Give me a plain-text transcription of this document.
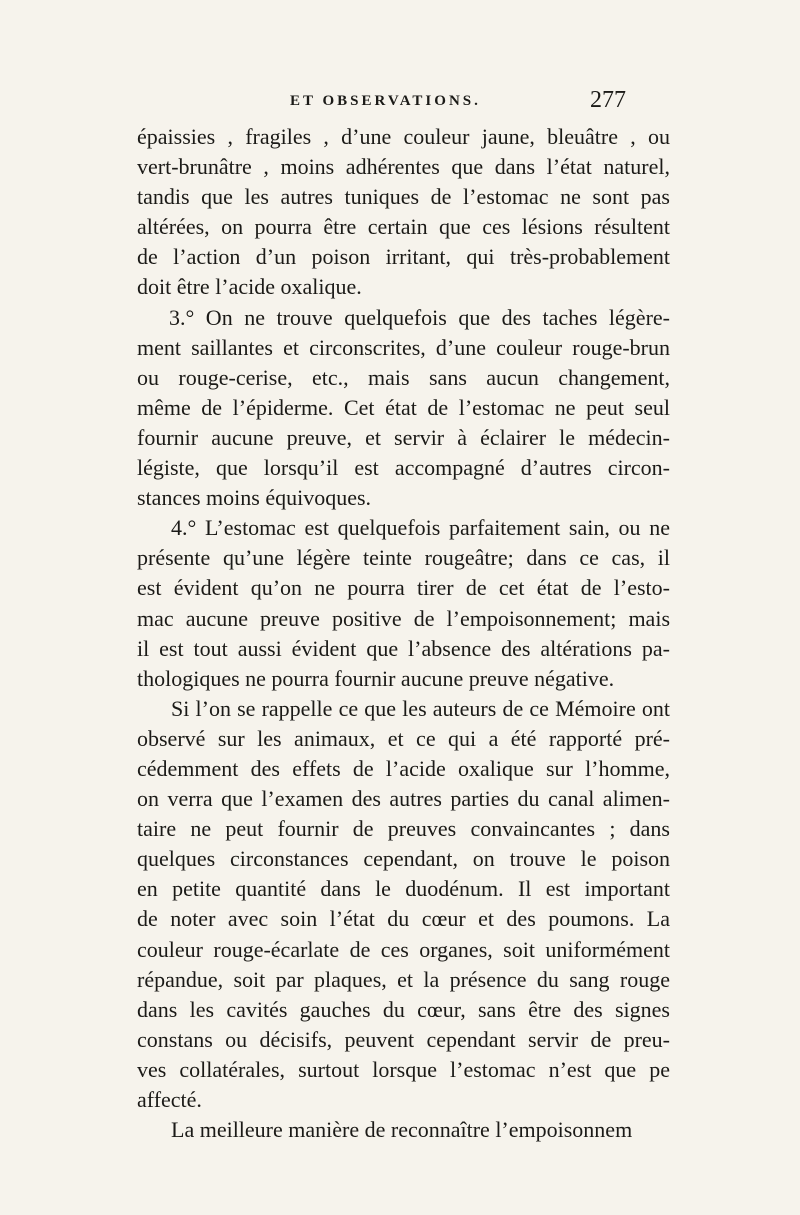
ET OBSERVATIONS.	277
épaissies , fragiles , d’une couleur jaune, bleuâtre , ou
vert-brunâtre , moins adhérentes que dans l’état naturel,
tandis que les autres tuniques de l’estomac ne sont pas
altérées, on pourra être certain que ces lésions résultent
de l’action d’un poison irritant, qui très-probablement
doit être l’acide oxalique.
3.° On ne trouve quelquefois que des taches légère-
ment saillantes et circonscrites, d’une couleur rouge-brun
ou rouge-cerise, etc., mais sans aucun changement,
même de l’épiderme. Cet état de l’estomac ne peut seul
fournir aucune preuve, et servir à éclairer le médecin-
légiste, que lorsqu’il est accompagné d’autres circon-
stances moins équivoques.
4.° L’estomac est quelquefois parfaitement sain, ou ne
présente qu’une légère teinte rougeâtre; dans ce cas, il
est évident qu’on ne pourra tirer de cet état de l’esto-
mac aucune preuve positive de l’empoisonnement; mais
il est tout aussi évident que l’absence des altérations pa-
thologiques ne pourra fournir aucune preuve négative.
Si l’on se rappelle ce que les auteurs de ce Mémoire ont
observé sur les animaux, et ce qui a été rapporté pré-
cédemment des effets de l’acide oxalique sur l’homme,
on verra que l’examen des autres parties du canal alimen-
taire ne peut fournir de preuves convaincantes ; dans
quelques circonstances cependant, on trouve le poison
en petite quantité dans le duodénum. Il est important
de noter avec soin l’état du cœur et des poumons. La
couleur rouge-écarlate de ces organes, soit uniformément
répandue, soit par plaques, et la présence du sang rouge
dans les cavités gauches du cœur, sans être des signes
constans ou décisifs, peuvent cependant servir de preu-
ves collatérales, surtout lorsque l’estomac n’est que pe
affecté.
La meilleure manière de reconnaître l’empoisonnem
